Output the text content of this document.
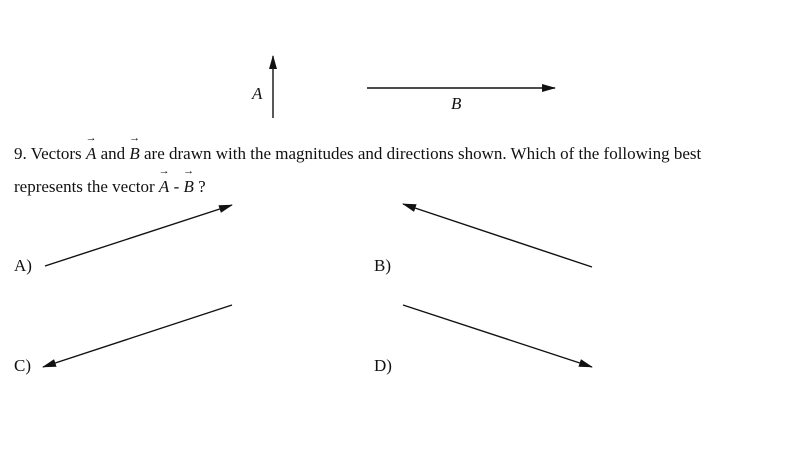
A
B
9. Vectors → A and → B are drawn with the magnitudes and directions shown. Which of the following best
represents the vector → A - → B ?
A)	B)
C)	D)
